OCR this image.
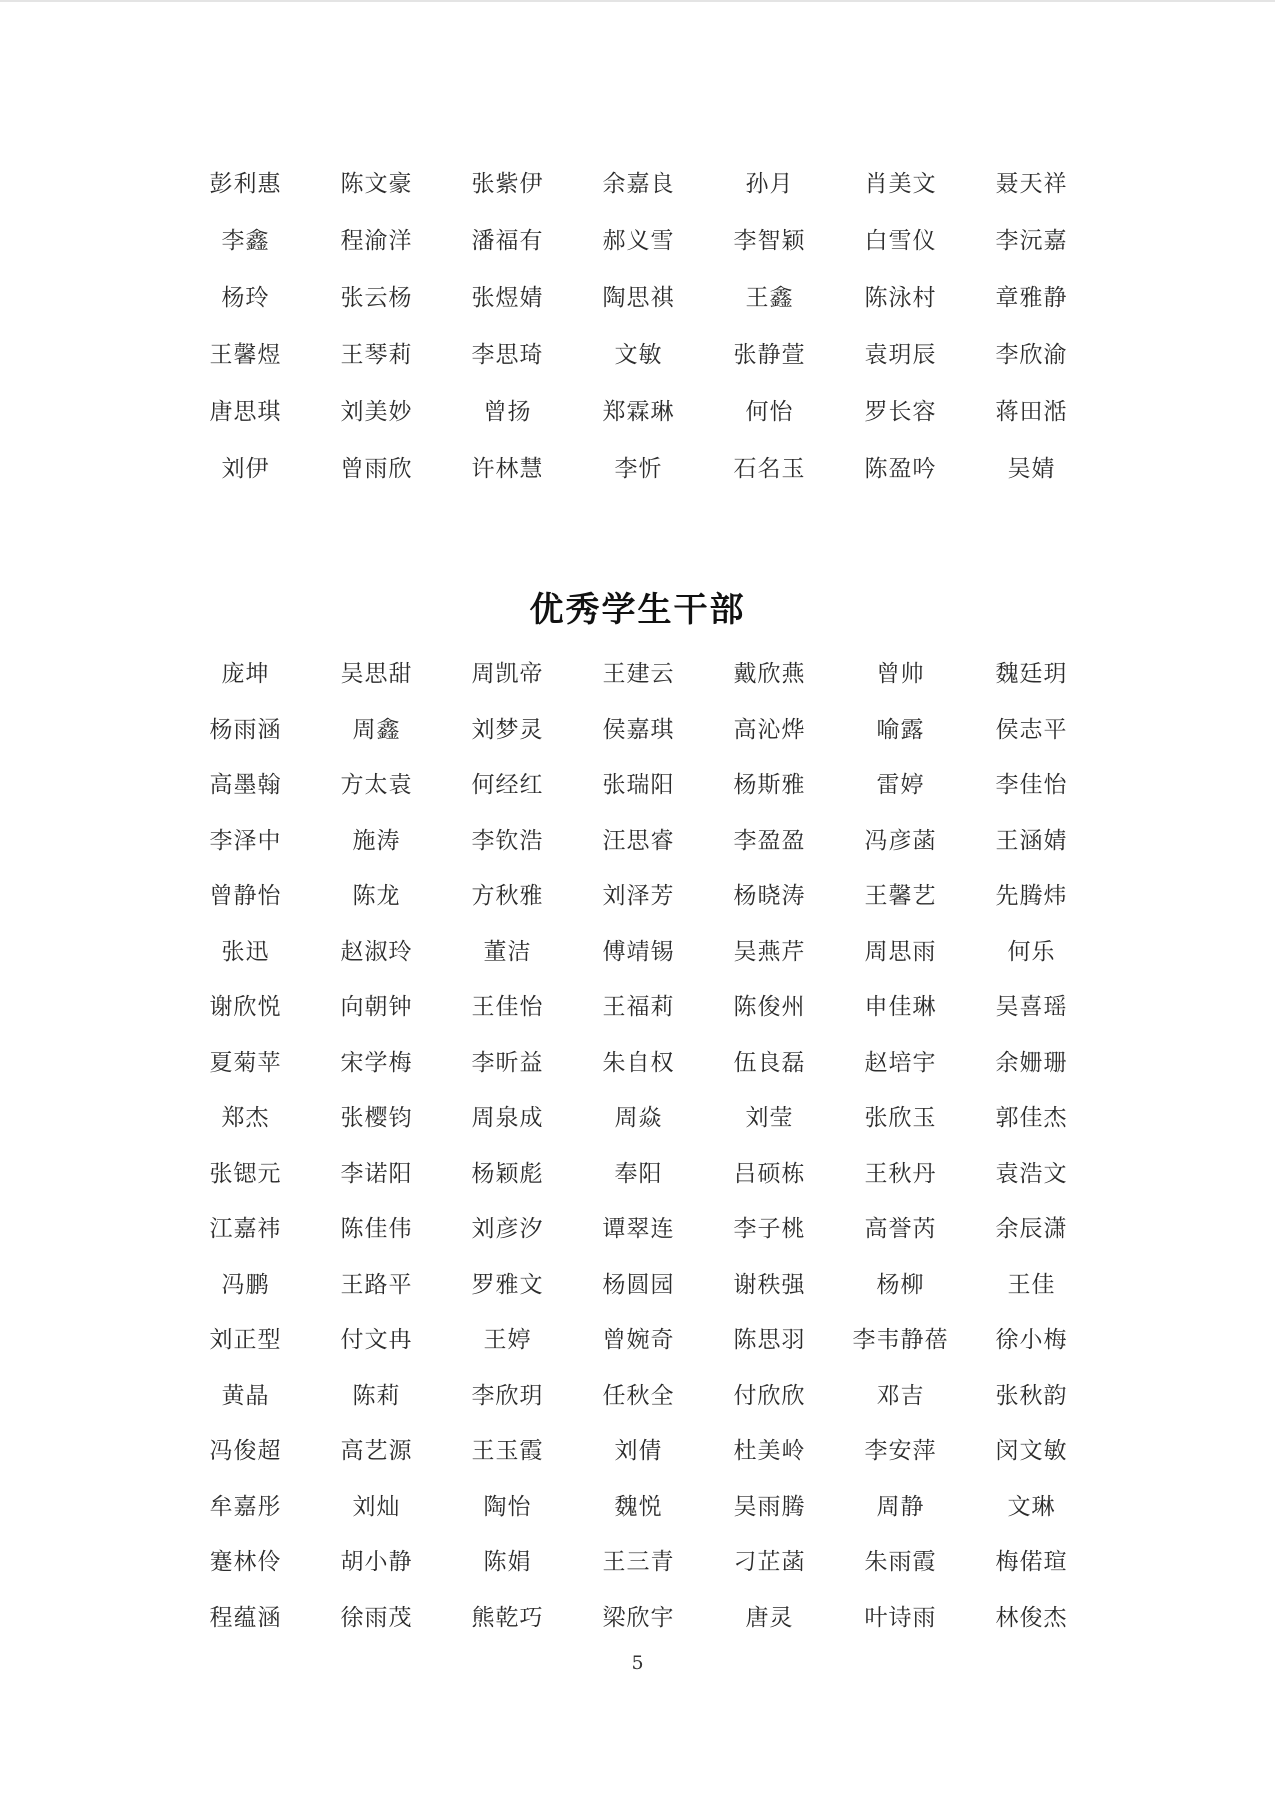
彭利惠	陈文豪	张紫伊	余嘉良	孙月	肖美文	聂天祥
李鑫	程渝洋	潘福有	郝义雪	李智颖	白雪仪	李沅嘉
杨玲	张云杨	张煜婧	陶思祺	王鑫	陈泳村	章雅静
王馨煜	王琴莉	李思琦	文敏	张静萱	袁玥辰	李欣渝
唐思琪	刘美妙	曾扬	郑霖琳	何怡	罗长容	蒋田湉
刘伊	曾雨欣	许林慧	李忻	石名玉	陈盈吟	吴婧
优秀学生干部
庞坤	吴思甜	周凯帝	王建云	戴欣燕	曾帅	魏廷玥
杨雨涵	周鑫	刘梦灵	侯嘉琪	高沁烨	喻露	侯志平
高墨翰	方太袁	何经红	张瑞阳	杨斯雅	雷婷	李佳怡
李泽中	施涛	李钦浩	汪思睿	李盈盈	冯彦菡	王涵婧
曾静怡	陈龙	方秋雅	刘泽芳	杨晓涛	王馨艺	先腾炜
张迅	赵淑玲	董洁	傅靖锡	吴燕芹	周思雨	何乐
谢欣悦	向朝钟	王佳怡	王福莉	陈俊州	申佳琳	吴喜瑶
夏菊苹	宋学梅	李昕益	朱自权	伍良磊	赵培宇	余姗珊
郑杰	张樱钧	周泉成	周焱	刘莹	张欣玉	郭佳杰
张锶元	李诺阳	杨颖彪	奉阳	吕硕栋	王秋丹	袁浩文
江嘉祎	陈佳伟	刘彦汐	谭翠连	李子桃	高誉芮	余辰潇
冯鹏	王路平	罗雅文	杨圆园	谢秩强	杨柳	王佳
刘正型	付文冉	王婷	曾婉奇	陈思羽	李韦静蓓	徐小梅
黄晶	陈莉	李欣玥	任秋全	付欣欣	邓吉	张秋韵
冯俊超	高艺源	王玉霞	刘倩	杜美岭	李安萍	闵文敏
牟嘉彤	刘灿	陶怡	魏悦	吴雨腾	周静	文琳
蹇林伶	胡小静	陈娟	王三青	刁芷菡	朱雨霞	梅偌瑄
程蕴涵	徐雨茂	熊乾巧	梁欣宇	唐灵	叶诗雨	林俊杰
5
